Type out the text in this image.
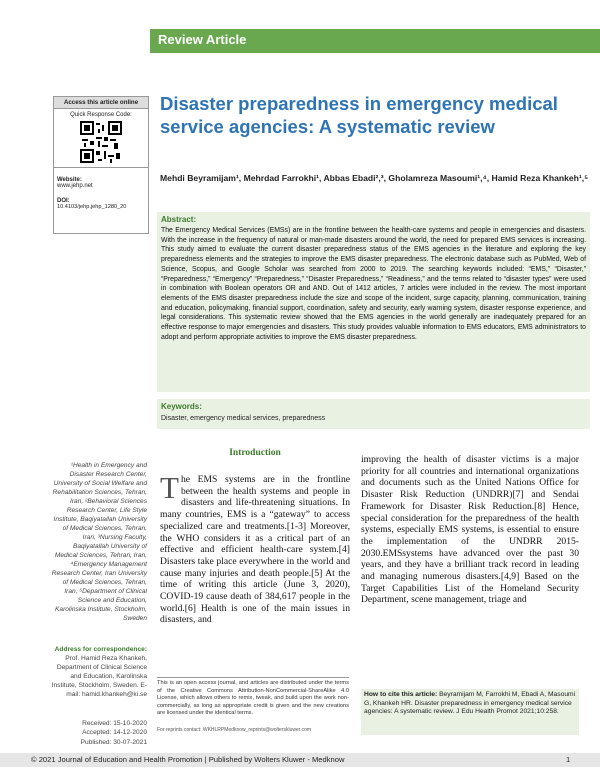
Review Article
Access this article online
Quick Response Code:
Website:
www.jehp.net
DOI:
10.4103/jehp.jehp_1280_20
Disaster preparedness in emergency medical service agencies: A systematic review
Mehdi Beyramijam¹, Mehrdad Farrokhi¹, Abbas Ebadi²,³, Gholamreza Masoumi¹,⁴, Hamid Reza Khankeh¹,⁵
Abstract:

The Emergency Medical Services (EMSs) are in the frontline between the health-care systems and people in emergencies and disasters. With the increase in the frequency of natural or man-made disasters around the world, the need for prepared EMS services is increasing. This study aimed to evaluate the current disaster preparedness status of the EMS agencies in the literature and exploring the key preparedness elements and the strategies to improve the EMS disaster preparedness. The electronic database such as PubMed, Web of Science, Scopus, and Google Scholar was searched from 2000 to 2019. The searching keywords included: “EMS,” “Disaster,” “Preparedness,” “Emergency” “Preparedness,” “Disaster Preparedness,” “Readiness,” and the terms related to “disaster types” were used in combination with Boolean operators OR and AND. Out of 1412 articles, 7 articles were included in the review. The most important elements of the EMS disaster preparedness include the size and scope of the incident, surge capacity, planning, communication, training and education, policymaking, financial support, coordination, safety and security, early warning system, disaster response experience, and legal considerations. This systematic review showed that the EMS agencies in the world generally are inadequately prepared for an effective response to major emergencies and disasters. This study provides valuable information to EMS educators, EMS administrators to adopt and perform appropriate activities to improve the EMS disaster preparedness.

Keywords:
Disaster, emergency medical services, preparedness
¹Health in Emergency and Disaster Research Center, University of Social Welfare and Rehabilitation Sciences, Tehran, Iran, ²Behavioral Sciences Research Center, Life Style Institute, Baqiyatallah University of Medical Sciences, Tehran, Iran, ³Nursing Faculty, Baqiyatallah University of Medical Sciences, Tehran, Iran, ⁴Emergency Management Research Center, Iran University of Medical Sciences, Tehran, Iran, ⁵Department of Clinical Science and Education, Karolinska Institute, Stockholm, Sweden
Address for correspondence:
Prof. Hamid Reza Khankeh, Department of Clinical Science and Education, Karolinska Institute, Stockholm, Sweden. E-mail: hamid.khankeh@ki.se
Received: 15-10-2020
Accepted: 14-12-2020
Published: 30-07-2021
Introduction

The EMS systems are in the frontline between the health systems and people in disasters and life-threatening situations. In many countries, EMS is a “gateway” to access specialized care and treatments.[1-3] Moreover, the WHO considers it as a critical part of an effective and efficient health-care system.[4] Disasters take place everywhere in the world and cause many injuries and death people.[5] At the time of writing this article (June 3, 2020), COVID-19 cause death of 384,617 people in the world.[6] Health is one of the main issues in disasters, and

improving the health of disaster victims is a major priority for all countries and international organizations and documents such as the United Nations Office for Disaster Risk Reduction (UNDRR)[7] and Sendai Framework for Disaster Risk Reduction.[8] Hence, special consideration for the preparedness of the health systems, especially EMS systems, is essential to ensure the implementation of the UNDRR 2015-2030.EMSsystems have advanced over the past 30 years, and they have a brilliant track record in leading and managing numerous disasters.[4,9] Based on the Target Capabilities List of the Homeland Security Department, scene management, triage and

This is an open access journal, and articles are distributed under the terms of the Creative Commons Attribution-NonCommercial-ShareAlike 4.0 License, which allows others to remix, tweak, and build upon the work non-commercially, as long as appropriate credit is given and the new creations are licensed under the identical terms.

For reprints contact: WKHLRPMedknow_reprints@wolterskluwer.com
How to cite this article: Beyramijam M, Farrokhi M, Ebadi A, Masoumi G, Khankeh HR. Disaster preparedness in emergency medical service agencies: A systematic review. J Edu Health Promot 2021;10:258.
© 2021 Journal of Education and Health Promotion | Published by Wolters Kluwer - Medknow	1
